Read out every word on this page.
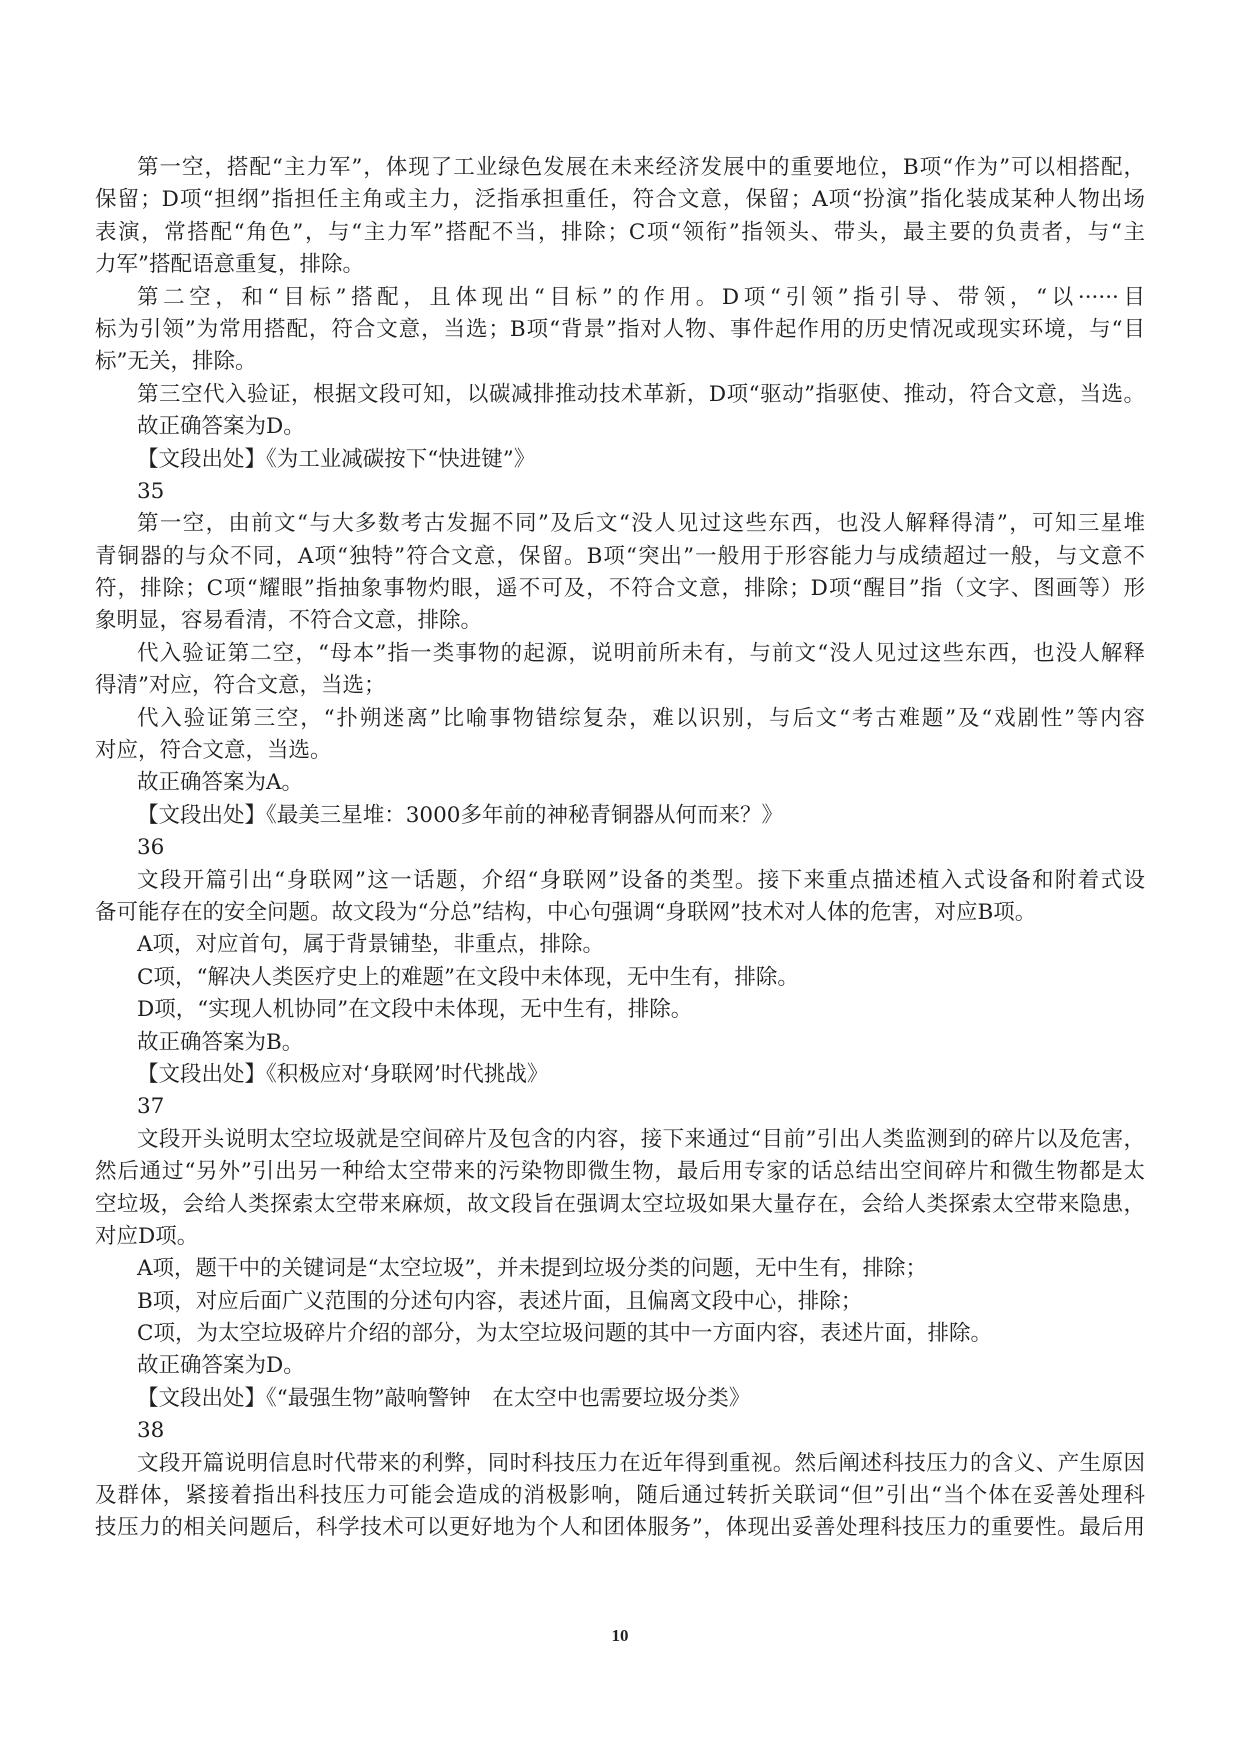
第一空，搭配“主力军”，体现了工业绿色发展在未来经济发展中的重要地位，B项“作为”可以相搭配，
保留；D项“担纲”指担任主角或主力，泛指承担重任，符合文意，保留；A项“扮演”指化装成某种人物出场
表演，常搭配“角色”，与“主力军”搭配不当，排除；C项“领衔”指领头、带头，最主要的负责者，与“主
力军”搭配语意重复，排除。
第二空，和“目标”搭配，且体现出“目标”的作用。D项“引领”指引导、带领，“以······目
标为引领”为常用搭配，符合文意，当选；B项“背景”指对人物、事件起作用的历史情况或现实环境，与“目
标”无关，排除。
第三空代入验证，根据文段可知，以碳减排推动技术革新，D项“驱动”指驱使、推动，符合文意，当选。
故正确答案为D。
【文段出处】《为工业减碳按下“快进键”》
35
第一空，由前文“与大多数考古发掘不同”及后文“没人见过这些东西，也没人解释得清”，可知三星堆
青铜器的与众不同，A项“独特”符合文意，保留。B项“突出”一般用于形容能力与成绩超过一般，与文意不
符，排除；C项“耀眼”指抽象事物灼眼，遥不可及，不符合文意，排除；D项“醒目”指（文字、图画等）形
象明显，容易看清，不符合文意，排除。
代入验证第二空，“母本”指一类事物的起源，说明前所未有，与前文“没人见过这些东西，也没人解释
得清”对应，符合文意，当选；
代入验证第三空，“扑朔迷离”比喻事物错综复杂，难以识别，与后文“考古难题”及“戏剧性”等内容
对应，符合文意，当选。
故正确答案为A。
【文段出处】《最美三星堆：3000多年前的神秘青铜器从何而来？》
36
文段开篇引出“身联网”这一话题，介绍“身联网”设备的类型。接下来重点描述植入式设备和附着式设
备可能存在的安全问题。故文段为“分总”结构，中心句强调“身联网”技术对人体的危害，对应B项。
A项，对应首句，属于背景铺垫，非重点，排除。
C项，“解决人类医疗史上的难题”在文段中未体现，无中生有，排除。
D项，“实现人机协同”在文段中未体现，无中生有，排除。
故正确答案为B。
【文段出处】《积极应对‘身联网’时代挑战》
37
文段开头说明太空垃圾就是空间碎片及包含的内容，接下来通过“目前”引出人类监测到的碎片以及危害，
然后通过“另外”引出另一种给太空带来的污染物即微生物，最后用专家的话总结出空间碎片和微生物都是太
空垃圾，会给人类探索太空带来麻烦，故文段旨在强调太空垃圾如果大量存在，会给人类探索太空带来隐患，
对应D项。
A项，题干中的关键词是“太空垃圾”，并未提到垃圾分类的问题，无中生有，排除；
B项，对应后面广义范围的分述句内容，表述片面，且偏离文段中心，排除；
C项，为太空垃圾碎片介绍的部分，为太空垃圾问题的其中一方面内容，表述片面，排除。
故正确答案为D。
【文段出处】《“最强生物”敲响警钟　在太空中也需要垃圾分类》
38
文段开篇说明信息时代带来的利弊，同时科技压力在近年得到重视。然后阐述科技压力的含义、产生原因
及群体，紧接着指出科技压力可能会造成的消极影响，随后通过转折关联词“但”引出“当个体在妥善处理科
技压力的相关问题后，科学技术可以更好地为个人和团体服务”，体现出妥善处理科技压力的重要性。最后用
10
